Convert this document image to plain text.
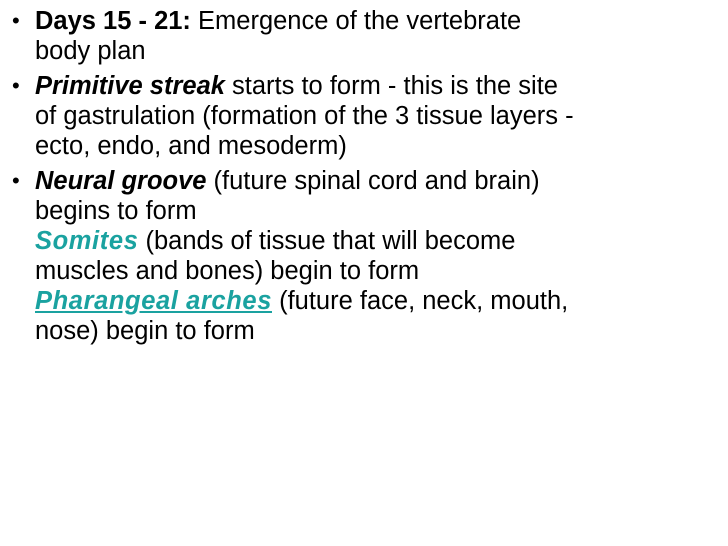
• Days 15 - 21: Emergence of the vertebrate
body plan
• Primitive streak starts to form - this is the site
of gastrulation (formation of the 3 tissue layers -
ecto, endo, and mesoderm)
• Neural groove (future spinal cord and brain)
begins to form
Somites (bands of tissue that will become
muscles and bones) begin to form
Pharangeal arches (future face, neck, mouth,
nose) begin to form
